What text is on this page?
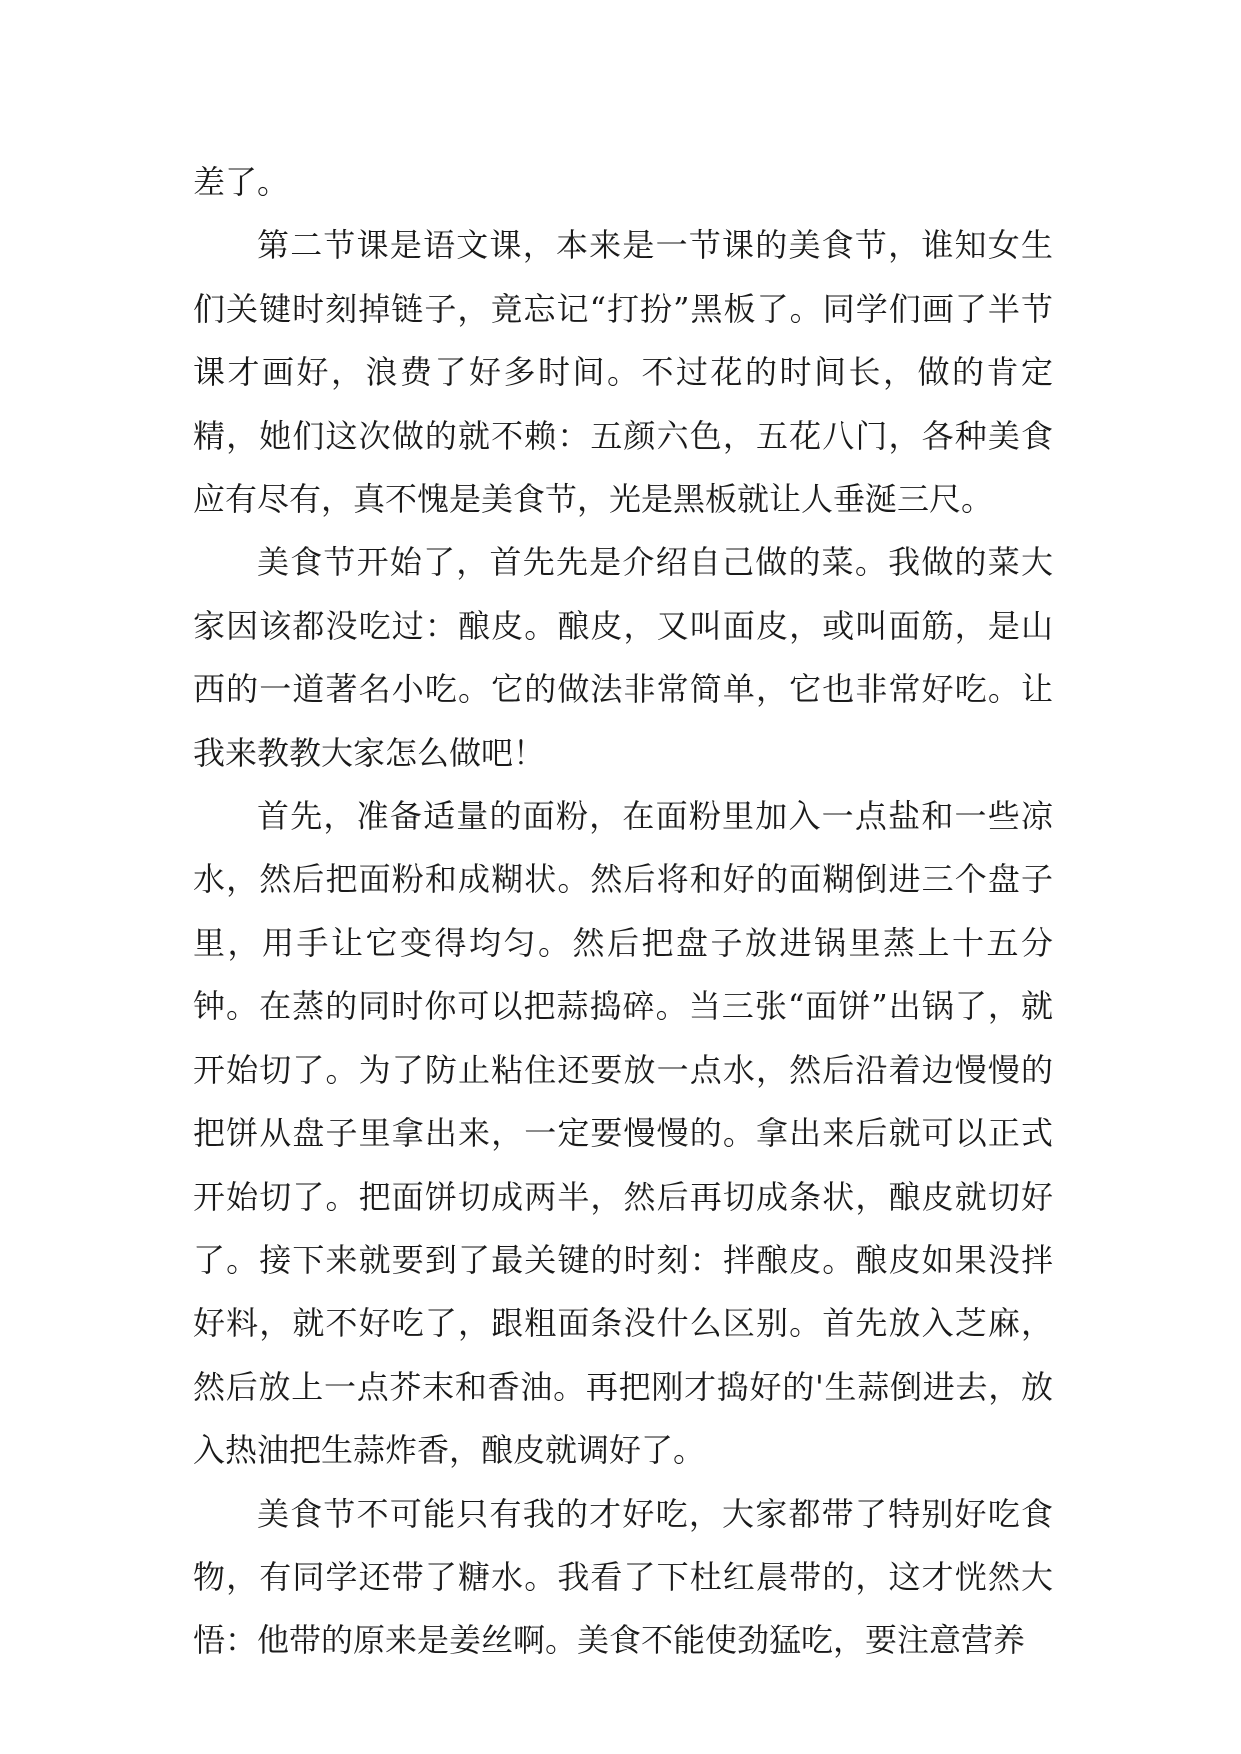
差了。

第二节课是语文课，本来是一节课的美食节，谁知女生们关键时刻掉链子，竟忘记“打扮”黑板了。同学们画了半节课才画好，浪费了好多时间。不过花的时间长，做的肯定精，她们这次做的就不赖：五颜六色，五花八门，各种美食应有尽有，真不愧是美食节，光是黑板就让人垂涎三尺。

美食节开始了，首先先是介绍自己做的菜。我做的菜大家因该都没吃过：酿皮。酿皮，又叫面皮，或叫面筋，是山西的一道著名小吃。它的做法非常简单，它也非常好吃。让我来教教大家怎么做吧！

首先，准备适量的面粉，在面粉里加入一点盐和一些凉水，然后把面粉和成糊状。然后将和好的面糊倒进三个盘子里，用手让它变得均匀。然后把盘子放进锅里蒸上十五分钟。在蒸的同时你可以把蒜捣碎。当三张“面饼”出锅了，就开始切了。为了防止粘住还要放一点水，然后沿着边慢慢的把饼从盘子里拿出来，一定要慢慢的。拿出来后就可以正式开始切了。把面饼切成两半，然后再切成条状，酿皮就切好了。接下来就要到了最关键的时刻：拌酿皮。酿皮如果没拌好料，就不好吃了，跟粗面条没什么区别。首先放入芝麻，然后放上一点芥末和香油。再把刚才捣好的'生蒜倒进去，放入热油把生蒜炸香，酿皮就调好了。

美食节不可能只有我的才好吃，大家都带了特别好吃食物，有同学还带了糖水。我看了下杜红晨带的，这才恍然大悟：他带的原来是姜丝啊。美食不能使劲猛吃，要注意营养
